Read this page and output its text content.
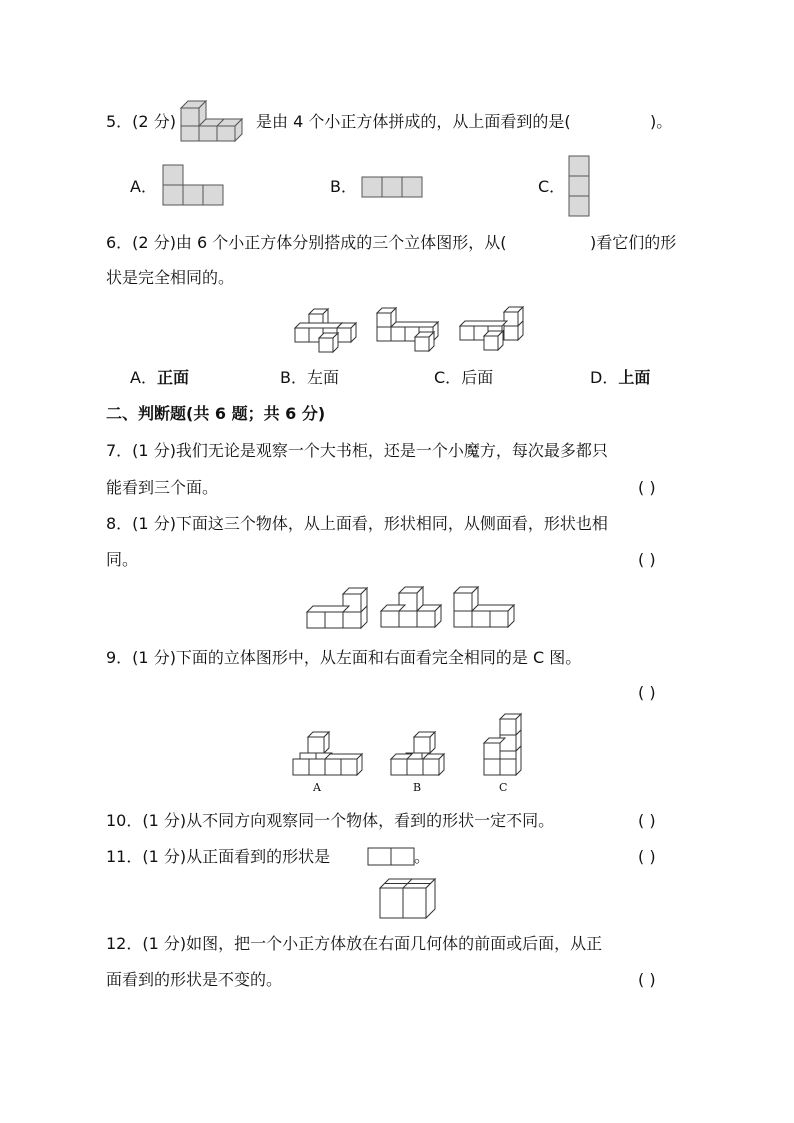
5．(2 分)	是由 4 个小正方体拼成的，从上面看到的是(	)。
A．	B．	C．
6．(2 分)由 6 个小正方体分别搭成的三个立体图形，从(	)看它们的形
状是完全相同的。
A．正面	B．左面	C．后面	D．上面
二、判断题(共 6 题；共 6 分)
7．(1 分)我们无论是观察一个大书柜，还是一个小魔方，每次最多都只
能看到三个面。	( )
8．(1 分)下面这三个物体，从上面看，形状相同，从侧面看，形状也相
同。	( )
9．(1 分)下面的立体图形中，从左面和右面看完全相同的是 C 图。
( )
A	B	C
10．(1 分)从不同方向观察同一个物体，看到的形状一定不同。	( )
11．(1 分)从正面看到的形状是	。	( )
12．(1 分)如图，把一个小正方体放在右面几何体的前面或后面，从正
面看到的形状是不变的。	( )
